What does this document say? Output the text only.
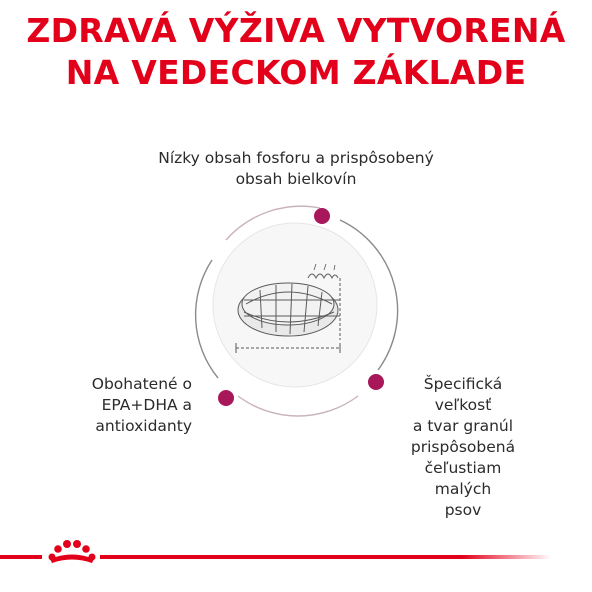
ZDRAVÁ VÝŽIVA VYTVORENÁ
NA VEDECKOM ZÁKLADE
Nízky obsah fosforu a prispôsobený
obsah bielkovín
Obohatené o
EPA+DHA a
antioxidanty
Špecifická veľkosť
a tvar granúl
prispôsobená
čeľustiam malých
psov
